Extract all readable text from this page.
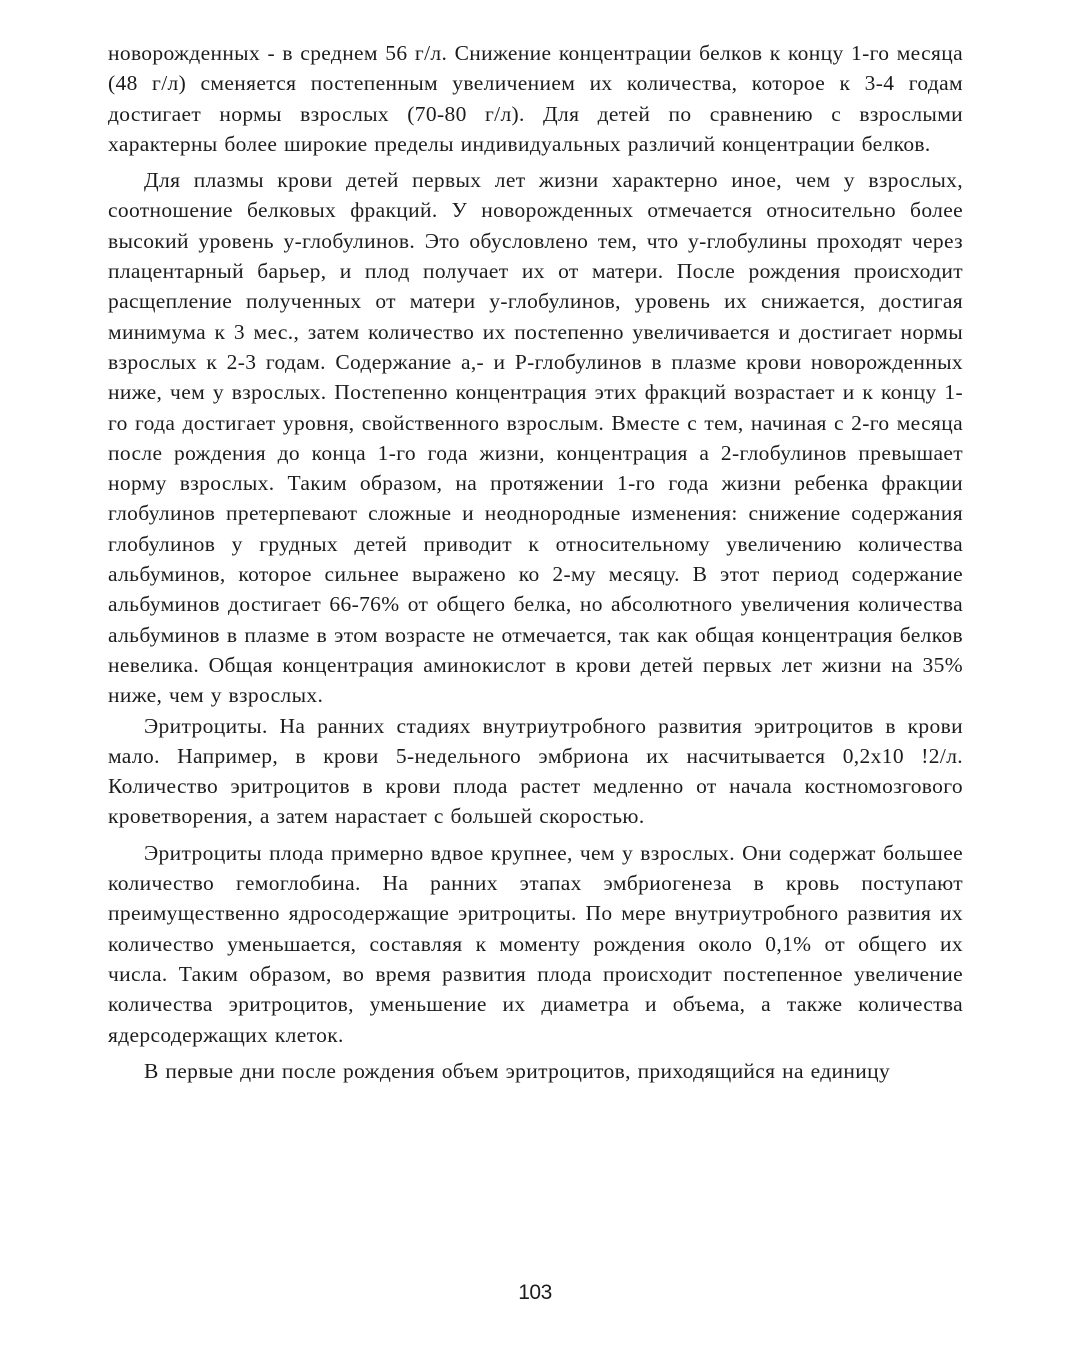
новорожденных - в среднем 56 г/л. Снижение концентрации белков к концу 1-го месяца (48 г/л) сменяется постепенным увеличением их количества, которое к 3-4 годам достигает нормы взрослых (70-80 г/л). Для детей по сравнению с взрослыми характерны более широкие пределы индивидуальных различий концентрации белков.

Для плазмы крови детей первых лет жизни характерно иное, чем у взрослых, соотношение белковых фракций. У новорожденных отмечается относительно более высокий уровень у-глобулинов. Это обусловлено тем, что у-глобулины проходят через плацентарный барьер, и плод получает их от матери. После рождения происходит расщепление полученных от матери у-глобулинов, уровень их снижается, достигая минимума к 3 мес., затем количество их постепенно увеличивается и достигает нормы взрослых к 2-3 годам. Содержание а,- и Р-глобулинов в плазме крови новорожденных ниже, чем у взрослых. Постепенно концентрация этих фракций возрастает и к концу 1-го года достигает уровня, свойственного взрослым. Вместе с тем, начиная с 2-го месяца после рождения до конца 1-го года жизни, концентрация а 2-глобулинов превышает норму взрослых. Таким образом, на протяжении 1-го года жизни ребенка фракции глобулинов претерпевают сложные и неоднородные изменения: снижение содержания глобулинов у грудных детей приводит к относительному увеличению количества альбуминов, которое сильнее выражено ко 2-му месяцу. В этот период содержание альбуминов достигает 66-76% от общего белка, но абсолютного увеличения количества альбуминов в плазме в этом возрасте не отмечается, так как общая концентрация белков невелика. Общая концентрация аминокислот в крови детей первых лет жизни на 35% ниже, чем у взрослых.

Эритроциты. На ранних стадиях внутриутробного развития эритроцитов в крови мало. Например, в крови 5-недельного эмбриона их насчитывается 0,2х10 !2/л. Количество эритроцитов в крови плода растет медленно от начала костномозгового кроветворения, а затем нарастает с большей скоростью.

Эритроциты плода примерно вдвое крупнее, чем у взрослых. Они содержат большее количество гемоглобина. На ранних этапах эмбриогенеза в кровь поступают преимущественно ядросодержащие эритроциты. По мере внутриутробного развития их количество уменьшается, составляя к моменту рождения около 0,1% от общего их числа. Таким образом, во время развития плода происходит постепенное увеличение количества эритроцитов, уменьшение их диаметра и объема, а также количества ядерсодержащих клеток.

В первые дни после рождения объем эритроцитов, приходящийся на единицу

103
